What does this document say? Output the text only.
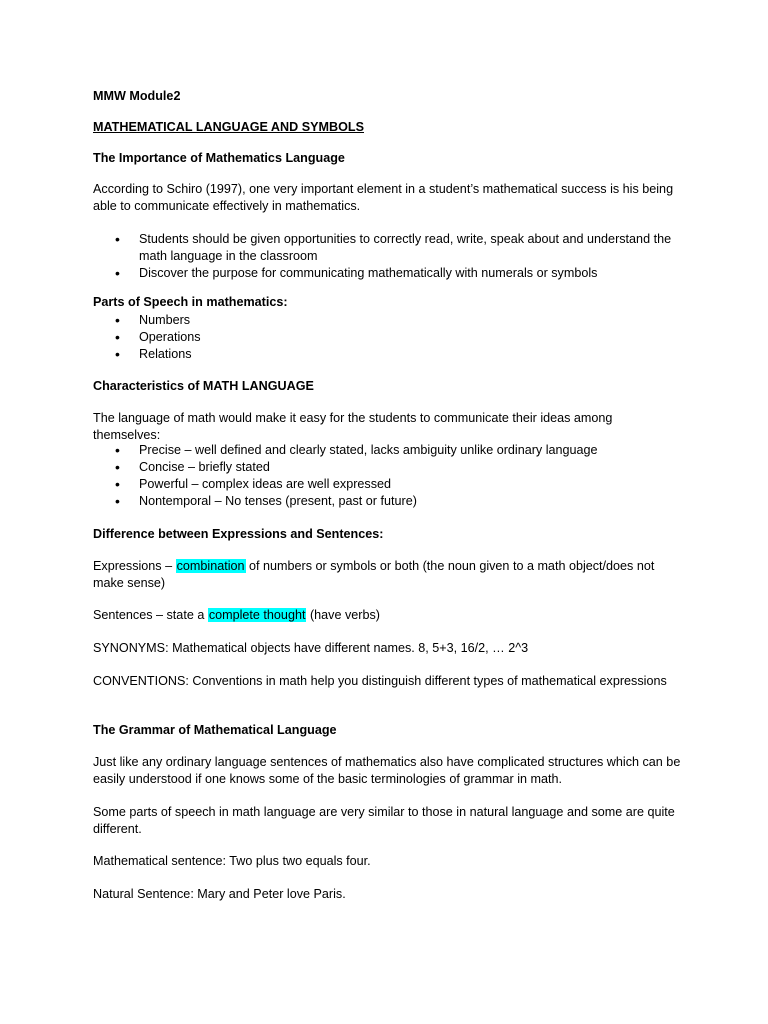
MMW Module2

MATHEMATICAL LANGUAGE AND SYMBOLS

The Importance of Mathematics Language

According to Schiro (1997), one very important element in a student’s mathematical success is his being able to communicate effectively in mathematics.

• Students should be given opportunities to correctly read, write, speak about and understand the math language in the classroom
• Discover the purpose for communicating mathematically with numerals or symbols

Parts of Speech in mathematics:

• Numbers
• Operations
• Relations

Characteristics of MATH LANGUAGE

The language of math would make it easy for the students to communicate their ideas among themselves:

• Precise – well defined and clearly stated, lacks ambiguity unlike ordinary language
• Concise – briefly stated
• Powerful – complex ideas are well expressed
• Nontemporal – No tenses (present, past or future)

Difference between Expressions and Sentences:

Expressions – combination of numbers or symbols or both (the noun given to a math object/does not make sense)

Sentences – state a complete thought (have verbs)

SYNONYMS: Mathematical objects have different names. 8, 5+3, 16/2, … 2^3

CONVENTIONS: Conventions in math help you distinguish different types of mathematical expressions

The Grammar of Mathematical Language

Just like any ordinary language sentences of mathematics also have complicated structures which can be easily understood if one knows some of the basic terminologies of grammar in math.

Some parts of speech in math language are very similar to those in natural language and some are quite different.

Mathematical sentence: Two plus two equals four.

Natural Sentence: Mary and Peter love Paris.
